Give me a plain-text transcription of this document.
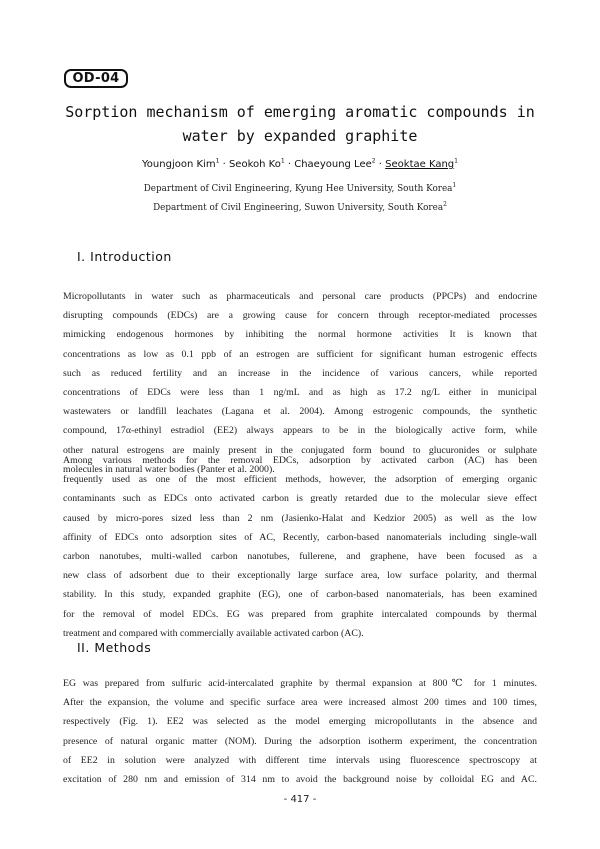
OD-04
Sorption mechanism of emerging aromatic compounds in
water by expanded graphite
Youngjoon Kim$^1$ · Seokoh $Ko^1$ · Chaeyoung Lee$^2$ · Seoktae Kang$^1$
Department of Civil Engineering, Kyung Hee University, South Korea$^1$
Department of Civil Engineering, Suwon University, South Korea$^2$
I. Introduction
Micropollutants in water such as pharmaceuticals and personal care products (PPCPs) and endocrine
disrupting compounds (EDCs) are a growing cause for concern through receptor-mediated processes
mimicking endogenous hormones by inhibiting the normal hormone activities It is known that
concentrations as low as 0.1 ppb of an estrogen are sufficient for significant human estrogenic effects
such as reduced fertility and an increase in the incidence of various cancers, while reported
concentrations of EDCs were less than 1 ng/mL and as high as 17.2 ng/L either in municipal
wastewaters or landfill leachates (Lagana et al. 2004). Among estrogenic compounds, the synthetic
compound, 17α-ethinyl estradiol (EE2) always appears to be in the biologically active form, while
other natural estrogens are mainly present in the conjugated form bound to glucuronides or sulphate
molecules in natural water bodies (Panter et al. 2000).
Among various methods for the removal EDCs, adsorption by activated carbon (AC) has been
frequently used as one of the most efficient methods, however, the adsorption of emerging organic
contaminants such as EDCs onto activated carbon is greatly retarded due to the molecular sieve effect
caused by micro-pores sized less than 2 nm (Jasienko-Halat and Kedzior 2005) as well as the low
affinity of EDCs onto adsorption sites of AC, Recently, carbon-based nanomaterials including single-wall
carbon nanotubes, multi-walled carbon nanotubes, fullerene, and graphene, have been focused as a
new class of adsorbent due to their exceptionally large surface area, low surface polarity, and thermal
stability. In this study, expanded graphite (EG), one of carbon-based nanomaterials, has been examined
for the removal of model EDCs. EG was prepared from graphite intercalated compounds by thermal
treatment and compared with commercially available activated carbon (AC).
II. Methods
EG was prepared from sulfuric acid-intercalated graphite by thermal expansion at 800℃ for 1 minutes.
After the expansion, the volume and specific surface area were increased almost 200 times and 100 times,
respectively (Fig. 1). EE2 was selected as the model emerging micropollutants in the absence and
presence of natural organic matter (NOM). During the adsorption isotherm experiment, the concentration
of EE2 in solution were analyzed with different time intervals using fluorescence spectroscopy at
excitation of 280 nm and emission of 314 nm to avoid the background noise by colloidal EG and AC.
- 417 -
